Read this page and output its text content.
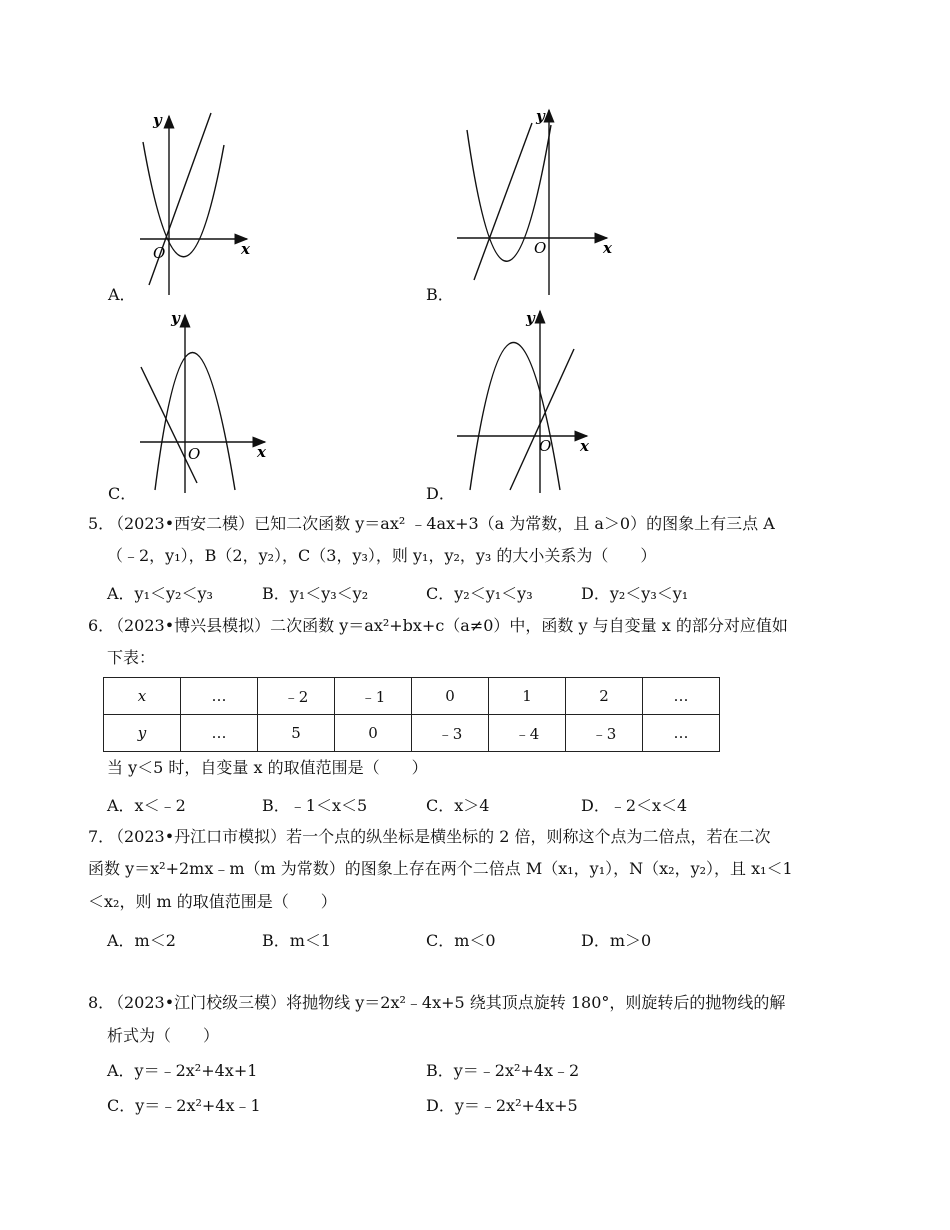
y
x
O
A．
y
x
O
B．
y
x
O
C．
y
x
O
D．
5．（2023•西安二模）已知二次函数 y＝ax² ﹣4ax+3（a 为常数，且 a＞0）的图象上有三点 A
（﹣2，y₁），B（2，y₂），C（3，y₃），则 y₁，y₂，y₃ 的大小关系为（　　）
A．y₁＜y₂＜y₃	B．y₁＜y₃＜y₂	C．y₂＜y₁＜y₃	D．y₂＜y₃＜y₁
6．（2023•博兴县模拟）二次函数 y＝ax²+bx+c（a≠0）中，函数 y 与自变量 x 的部分对应值如
下表：
x	…	﹣2	﹣1	0	1	2	…
y	…	5	0	﹣3	﹣4	﹣3	…
当 y＜5 时，自变量 x 的取值范围是（　　）
A．x＜﹣2	B．﹣1＜x＜5	C．x＞4	D．﹣2＜x＜4
7．（2023•丹江口市模拟）若一个点的纵坐标是横坐标的 2 倍，则称这个点为二倍点，若在二次
函数 y＝x²+2mx﹣m（m 为常数）的图象上存在两个二倍点 M（x₁，y₁），N（x₂，y₂），且 x₁＜1
＜x₂，则 m 的取值范围是（　　）
A．m＜2	B．m＜1	C．m＜0	D．m＞0
8．（2023•江门校级三模）将抛物线 y＝2x²﹣4x+5 绕其顶点旋转 180°，则旋转后的抛物线的解
析式为（　　）
A．y＝﹣2x²+4x+1	B．y＝﹣2x²+4x﹣2
C．y＝﹣2x²+4x﹣1	D．y＝﹣2x²+4x+5
